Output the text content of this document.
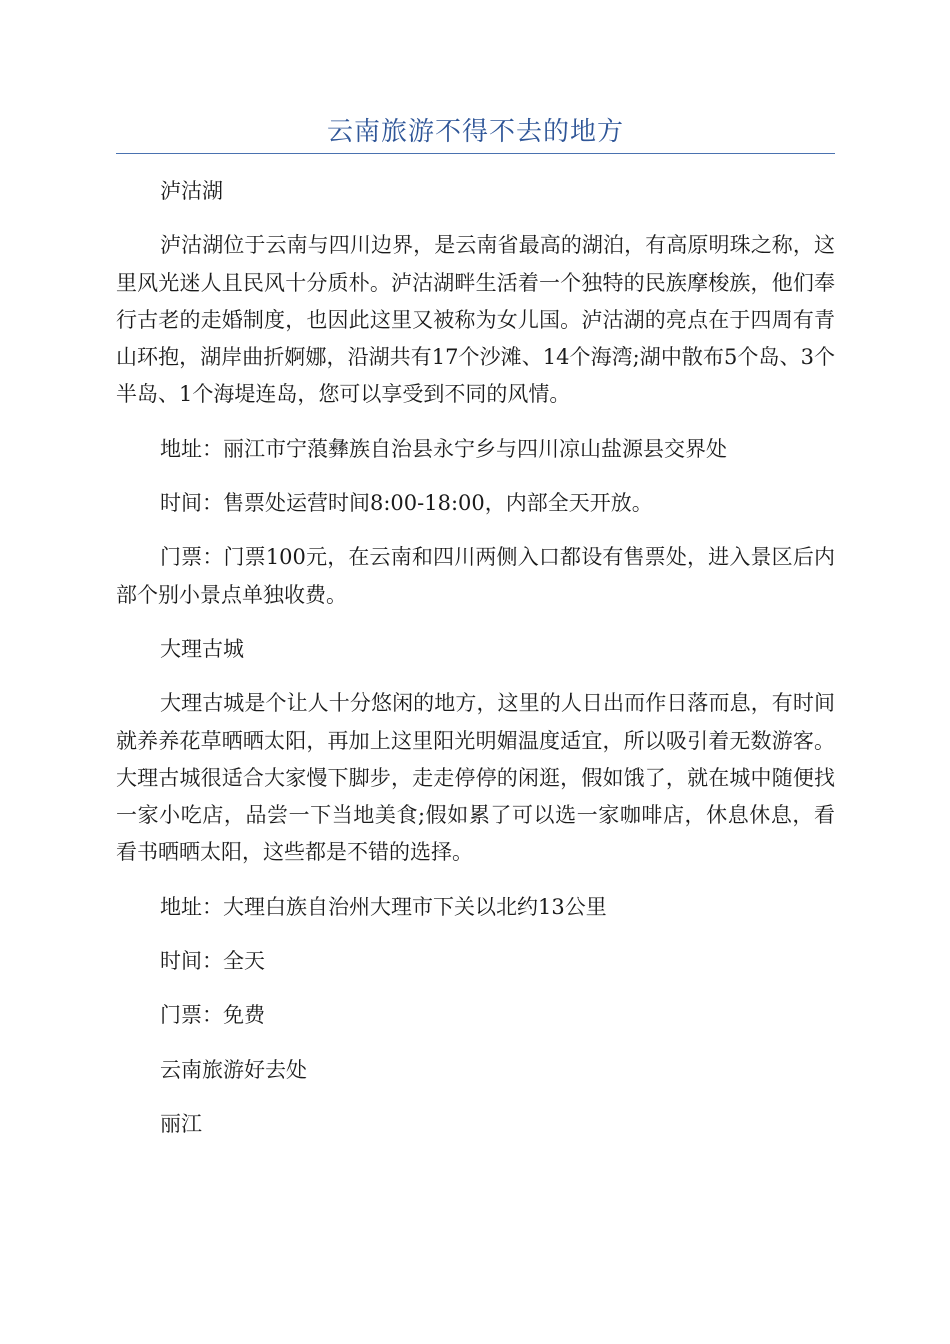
云南旅游不得不去的地方

泸沽湖

泸沽湖位于云南与四川边界，是云南省最高的湖泊，有高原明珠之称，这里风光迷人且民风十分质朴。泸沽湖畔生活着一个独特的民族摩梭族，他们奉行古老的走婚制度，也因此这里又被称为女儿国。泸沽湖的亮点在于四周有青山环抱，湖岸曲折婀娜，沿湖共有17个沙滩、14个海湾;湖中散布5个岛、3个半岛、1个海堤连岛，您可以享受到不同的风情。

地址：丽江市宁蒗彝族自治县永宁乡与四川凉山盐源县交界处

时间：售票处运营时间8:00-18:00，内部全天开放。

门票：门票100元，在云南和四川两侧入口都设有售票处，进入景区后内部个别小景点单独收费。

大理古城

大理古城是个让人十分悠闲的地方，这里的人日出而作日落而息，有时间就养养花草晒晒太阳，再加上这里阳光明媚温度适宜，所以吸引着无数游客。大理古城很适合大家慢下脚步，走走停停的闲逛，假如饿了，就在城中随便找一家小吃店，品尝一下当地美食;假如累了可以选一家咖啡店，休息休息，看看书晒晒太阳，这些都是不错的选择。

地址：大理白族自治州大理市下关以北约13公里

时间：全天

门票：免费

云南旅游好去处

丽江
